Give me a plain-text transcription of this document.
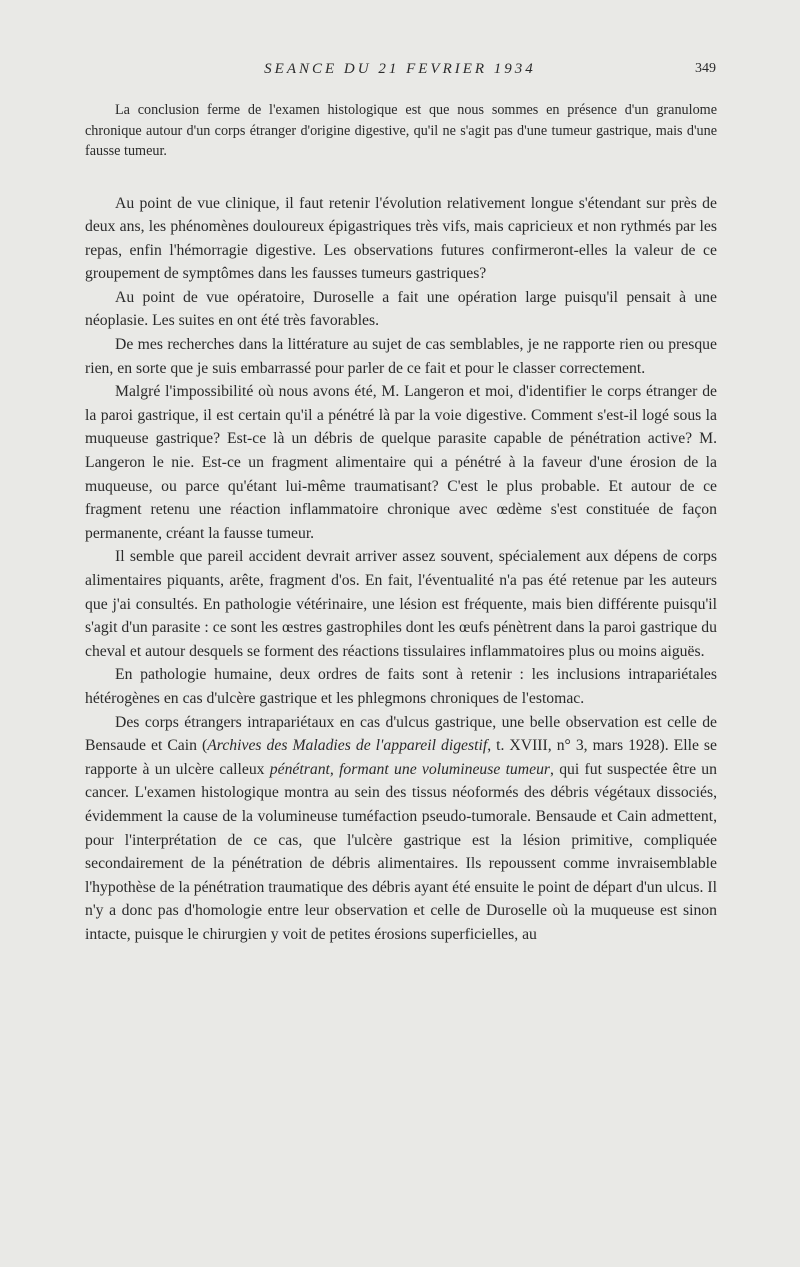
SEANCE DU 21 FEVRIER 1934	349

La conclusion ferme de l'examen histologique est que nous sommes en présence d'un granulome chronique autour d'un corps étranger d'origine digestive, qu'il ne s'agit pas d'une tumeur gastrique, mais d'une fausse tumeur.

Au point de vue clinique, il faut retenir l'évolution relativement longue s'étendant sur près de deux ans, les phénomènes douloureux épigastriques très vifs, mais capricieux et non rythmés par les repas, enfin l'hémorragie digestive. Les observations futures confirmeront-elles la valeur de ce groupement de symptômes dans les fausses tumeurs gastriques?

Au point de vue opératoire, Duroselle a fait une opération large puisqu'il pensait à une néoplasie. Les suites en ont été très favorables.

De mes recherches dans la littérature au sujet de cas semblables, je ne rapporte rien ou presque rien, en sorte que je suis embarrassé pour parler de ce fait et pour le classer correctement.

Malgré l'impossibilité où nous avons été, M. Langeron et moi, d'identifier le corps étranger de la paroi gastrique, il est certain qu'il a pénétré là par la voie digestive. Comment s'est-il logé sous la muqueuse gastrique? Est-ce là un débris de quelque parasite capable de pénétration active? M. Langeron le nie. Est-ce un fragment alimentaire qui a pénétré à la faveur d'une érosion de la muqueuse, ou parce qu'étant lui-même traumatisant? C'est le plus probable. Et autour de ce fragment retenu une réaction inflammatoire chronique avec œdème s'est constituée de façon permanente, créant la fausse tumeur.

Il semble que pareil accident devrait arriver assez souvent, spécialement aux dépens de corps alimentaires piquants, arête, fragment d'os. En fait, l'éventualité n'a pas été retenue par les auteurs que j'ai consultés. En pathologie vétérinaire, une lésion est fréquente, mais bien différente puisqu'il s'agit d'un parasite : ce sont les œstres gastrophiles dont les œufs pénètrent dans la paroi gastrique du cheval et autour desquels se forment des réactions tissulaires inflammatoires plus ou moins aiguës.

En pathologie humaine, deux ordres de faits sont à retenir : les inclusions intrapariétales hétérogènes en cas d'ulcère gastrique et les phlegmons chroniques de l'estomac.

Des corps étrangers intrapariétaux en cas d'ulcus gastrique, une belle observation est celle de Bensaude et Cain (Archives des Maladies de l'appareil digestif, t. XVIII, n° 3, mars 1928). Elle se rapporte à un ulcère calleux pénétrant, formant une volumineuse tumeur, qui fut suspectée être un cancer. L'examen histologique montra au sein des tissus néoformés des débris végétaux dissociés, évidemment la cause de la volumineuse tuméfaction pseudo-tumorale. Bensaude et Cain admettent, pour l'interprétation de ce cas, que l'ulcère gastrique est la lésion primitive, compliquée secondairement de la pénétration de débris alimentaires. Ils repoussent comme invraisemblable l'hypothèse de la pénétration traumatique des débris ayant été ensuite le point de départ d'un ulcus. Il n'y a donc pas d'homologie entre leur observation et celle de Duroselle où la muqueuse est sinon intacte, puisque le chirurgien y voit de petites érosions superficielles, au
